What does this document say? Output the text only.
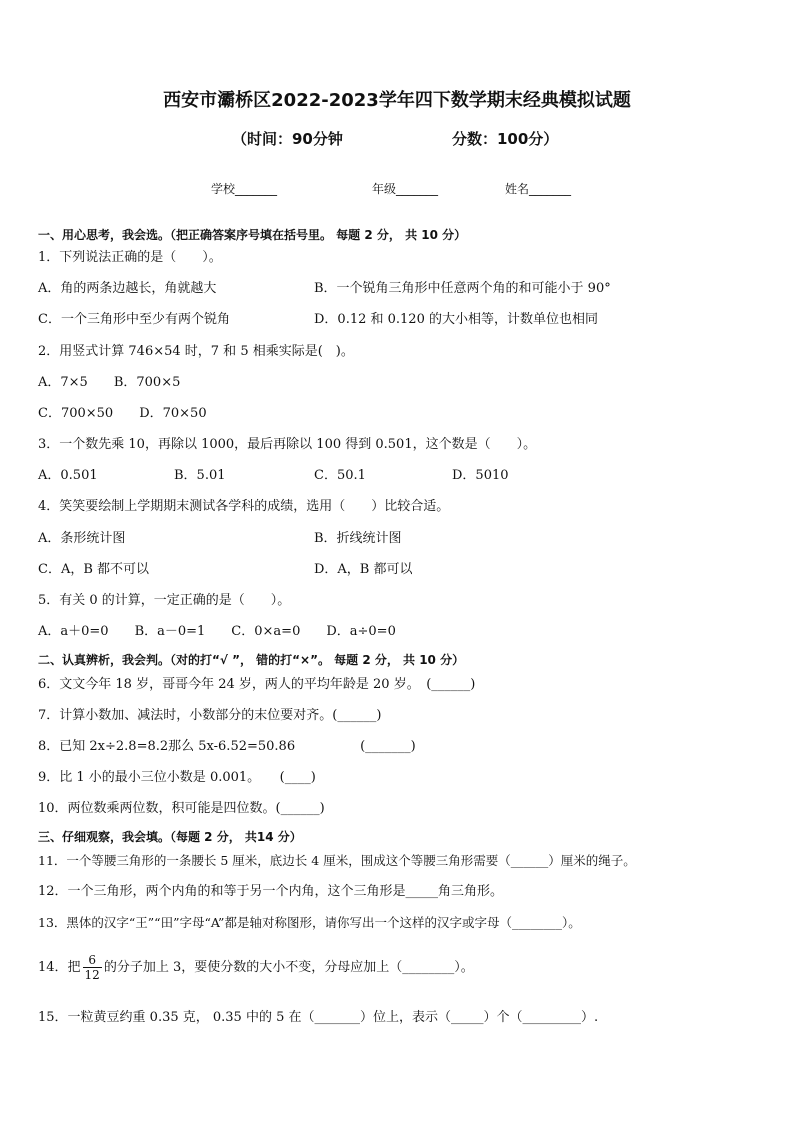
西安市灞桥区2022-2023学年四下数学期末经典模拟试题
（时间：90分钟	分数：100分）
学校_______	年级_______	姓名_______
一、用心思考，我会选。（把正确答案序号填在括号里。 每题 2 分， 共 10 分）
1．下列说法正确的是（　　）。
A．角的两条边越长，角就越大	B．一个锐角三角形中任意两个角的和可能小于 90°
C．一个三角形中至少有两个锐角	D．0.12 和 0.120 的大小相等，计数单位也相同
2．用竖式计算 746×54 时，7 和 5 相乘实际是(　)。
A．7×5　　B．700×5
C．700×50　　D．70×50
3．一个数先乘 10，再除以 1000，最后再除以 100 得到 0.501，这个数是（　　）。
A．0.501	B．5.01	C．50.1	D．5010
4．笑笑要绘制上学期期末测试各学科的成绩，选用（　　）比较合适。
A．条形统计图	B．折线统计图
C．A，B 都不可以	D．A，B 都可以
5．有关 0 的计算，一定正确的是（　　）。
A．a＋0=0　　B．a－0=1　　C．0×a=0　　D．a÷0=0
二、认真辨析，我会判。（对的打“√ ”， 错的打“×”。 每题 2 分， 共 10 分）
6．文文今年 18 岁，哥哥今年 24 岁，两人的平均年龄是 20 岁。　(______)
7．计算小数加、减法时，小数部分的末位要对齐。(______)
8．已知 2x÷2.8=8.2那么 5x-6.52=50.86　　　　　(_______)
9．比 1 小的最小三位小数是 0.001。　　(____)
10．两位数乘两位数，积可能是四位数。(______)
三、仔细观察，我会填。（每题 2 分， 共14 分）
11．一个等腰三角形的一条腰长 5 厘米，底边长 4 厘米，围成这个等腰三角形需要（______）厘米的绳子。
12．一个三角形，两个内角的和等于另一个内角，这个三角形是_____角三角形。
13．黑体的汉字“王”“田”字母“A”都是轴对称图形，请你写出一个这样的汉字或字母（________）。
14．把 $\frac{6}{12}$ 的分子加上 3，要使分数的大小不变，分母应加上（________）。
15．一粒黄豆约重 0.35 克， 0.35 中的 5 在（_______）位上，表示（_____）个（_________）.
